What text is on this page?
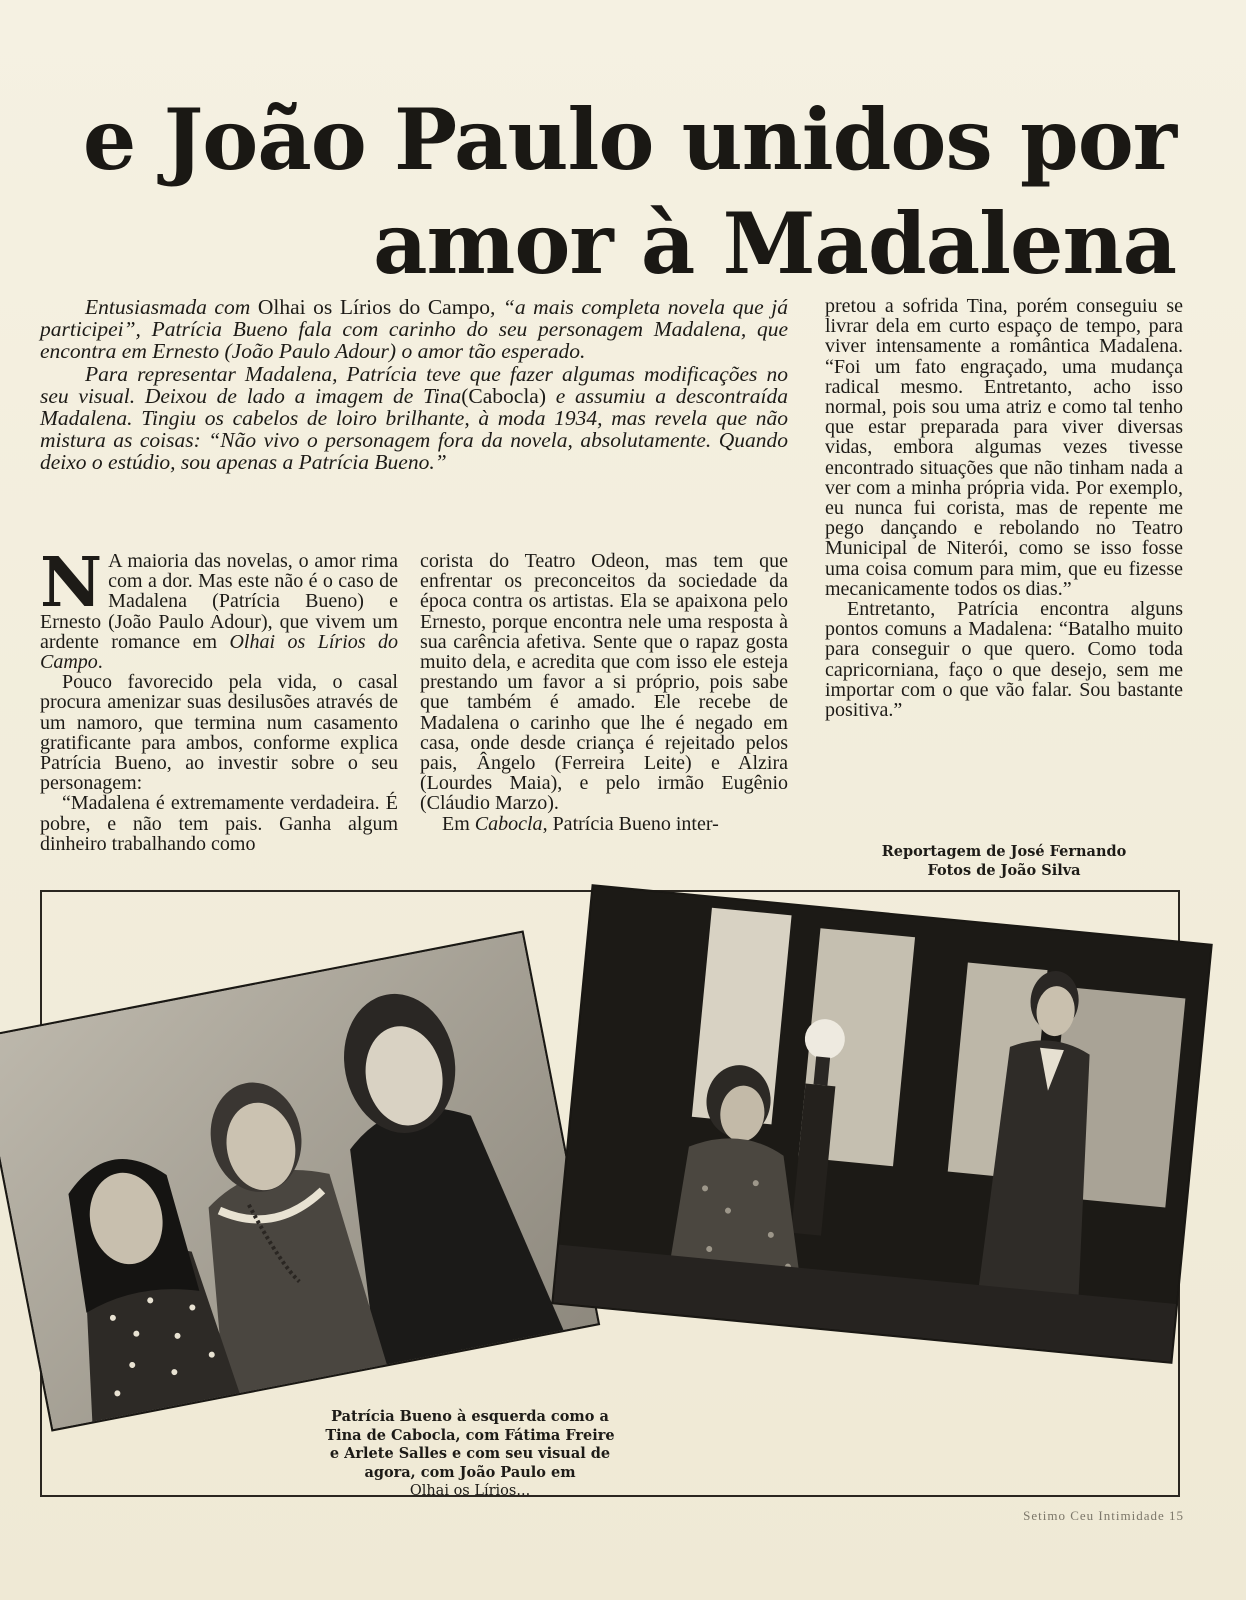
e João Paulo unidos por
amor à Madalena

Entusiasmada com Olhai os Lírios do Campo, “a mais completa novela que já participei”, Patrícia Bueno fala com carinho do seu personagem Madalena, que encontra em Ernesto (João Paulo Adour) o amor tão esperado.

Para representar Madalena, Patrícia teve que fazer algumas modificações no seu visual. Deixou de lado a imagem de Tina(Cabocla) e assumiu a descontraída Madalena. Tingiu os cabelos de loiro brilhante, à moda 1934, mas revela que não mistura as coisas: “Não vivo o personagem fora da novela, absolutamente. Quando deixo o estúdio, sou apenas a Patrícia Bueno.”

N A maioria das novelas, o amor rima com a dor. Mas este não é o caso de Madalena (Patrícia Bueno) e Ernesto (João Paulo Adour), que vivem um ardente romance em Olhai os Lírios do Campo.

Pouco favorecido pela vida, o casal procura amenizar suas desilusões através de um namoro, que termina num casamento gratificante para ambos, conforme explica Patrícia Bueno, ao investir sobre o seu personagem:

“Madalena é extremamente verdadeira. É pobre, e não tem pais. Ganha algum dinheiro trabalhando como

corista do Teatro Odeon, mas tem que enfrentar os preconceitos da sociedade da época contra os artistas. Ela se apaixona pelo Ernesto, porque encontra nele uma resposta à sua carência afetiva. Sente que o rapaz gosta muito dela, e acredita que com isso ele esteja prestando um favor a si próprio, pois sabe que também é amado. Ele recebe de Madalena o carinho que lhe é negado em casa, onde desde criança é rejeitado pelos pais, Ângelo (Ferreira Leite) e Alzira (Lourdes Maia), e pelo irmão Eugênio (Cláudio Marzo).

Em Cabocla, Patrícia Bueno inter-

pretou a sofrida Tina, porém conseguiu se livrar dela em curto espaço de tempo, para viver intensamente a romântica Madalena. “Foi um fato engraçado, uma mudança radical mesmo. Entretanto, acho isso normal, pois sou uma atriz e como tal tenho que estar preparada para viver diversas vidas, embora algumas vezes tivesse encontrado situações que não tinham nada a ver com a minha própria vida. Por exemplo, eu nunca fui corista, mas de repente me pego dançando e rebolando no Teatro Municipal de Niterói, como se isso fosse uma coisa comum para mim, que eu fizesse mecanicamente todos os dias.”

Entretanto, Patrícia encontra alguns pontos comuns a Madalena: “Batalho muito para conseguir o que quero. Como toda capricorniana, faço o que desejo, sem me importar com o que vão falar. Sou bastante positiva.”

Reportagem de José Fernando
Fotos de João Silva
Patrícia Bueno à esquerda como a Tina de Cabocla, com Fátima Freire e Arlete Salles e com seu visual de agora, com João Paulo em
Olhai os Lírios...
Setimo Ceu Intimidade 15
